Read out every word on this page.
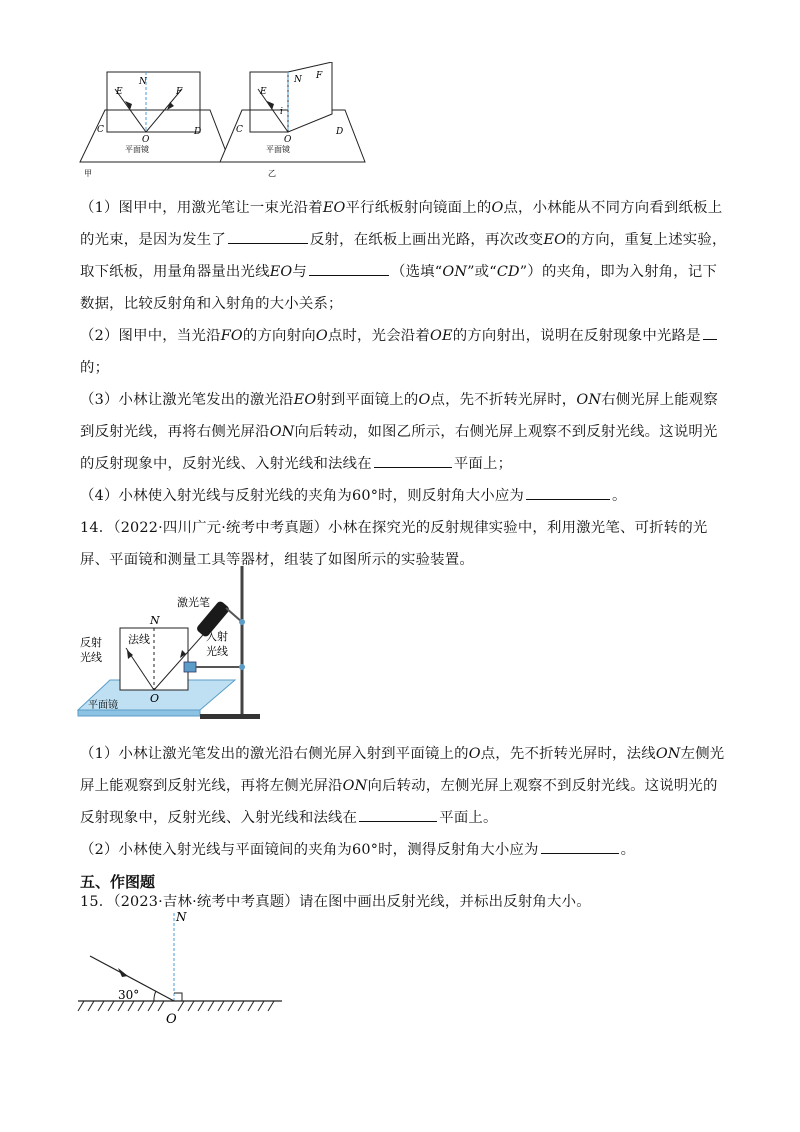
E
N
F
C
O
D
平面镜
甲
E
N F
i
C
O
D
平面镜
乙

（1）图甲中，用激光笔让一束光沿着EO平行纸板射向镜面上的O点，小林能从不同方向看到纸板上的光束，是因为发生了	反射，在纸板上画出光路，再次改变EO的方向，重复上述实验，取下纸板，用量角器量出光线EO与	（选填“ON”或“CD”）的夹角，即为入射角，记下数据，比较反射角和入射角的大小关系；

（2）图甲中，当光沿FO的方向射向O点时，光会沿着OE的方向射出，说明在反射现象中光路是的；

（3）小林让激光笔发出的激光沿EO射到平面镜上的O点，先不折转光屏时，ON右侧光屏上能观察到反射光线，再将右侧光屏沿ON向后转动，如图乙所示，右侧光屏上观察不到反射光线。这说明光的反射现象中，反射光线、入射光线和法线在	平面上；

（4）小林使入射光线与反射光线的夹角为60°时，则反射角大小应为	。

14．（2022·四川广元·统考中考真题）小林在探究光的反射规律实验中，利用激光笔、可折转的光屏、平面镜和测量工具等器材，组装了如图所示的实验装置。

N
法线
激光笔
入射
光线
反射
光线
O
平面镜

（1）小林让激光笔发出的激光沿右侧光屏入射到平面镜上的O点，先不折转光屏时，法线ON左侧光屏上能观察到反射光线，再将左侧光屏沿ON向后转动，左侧光屏上观察不到反射光线。这说明光的反射现象中，反射光线、入射光线和法线在	平面上。

（2）小林使入射光线与平面镜间的夹角为60°时，测得反射角大小应为	。

五、作图题

15．（2023·吉林·统考中考真题）请在图中画出反射光线，并标出反射角大小。

N
30°
O
